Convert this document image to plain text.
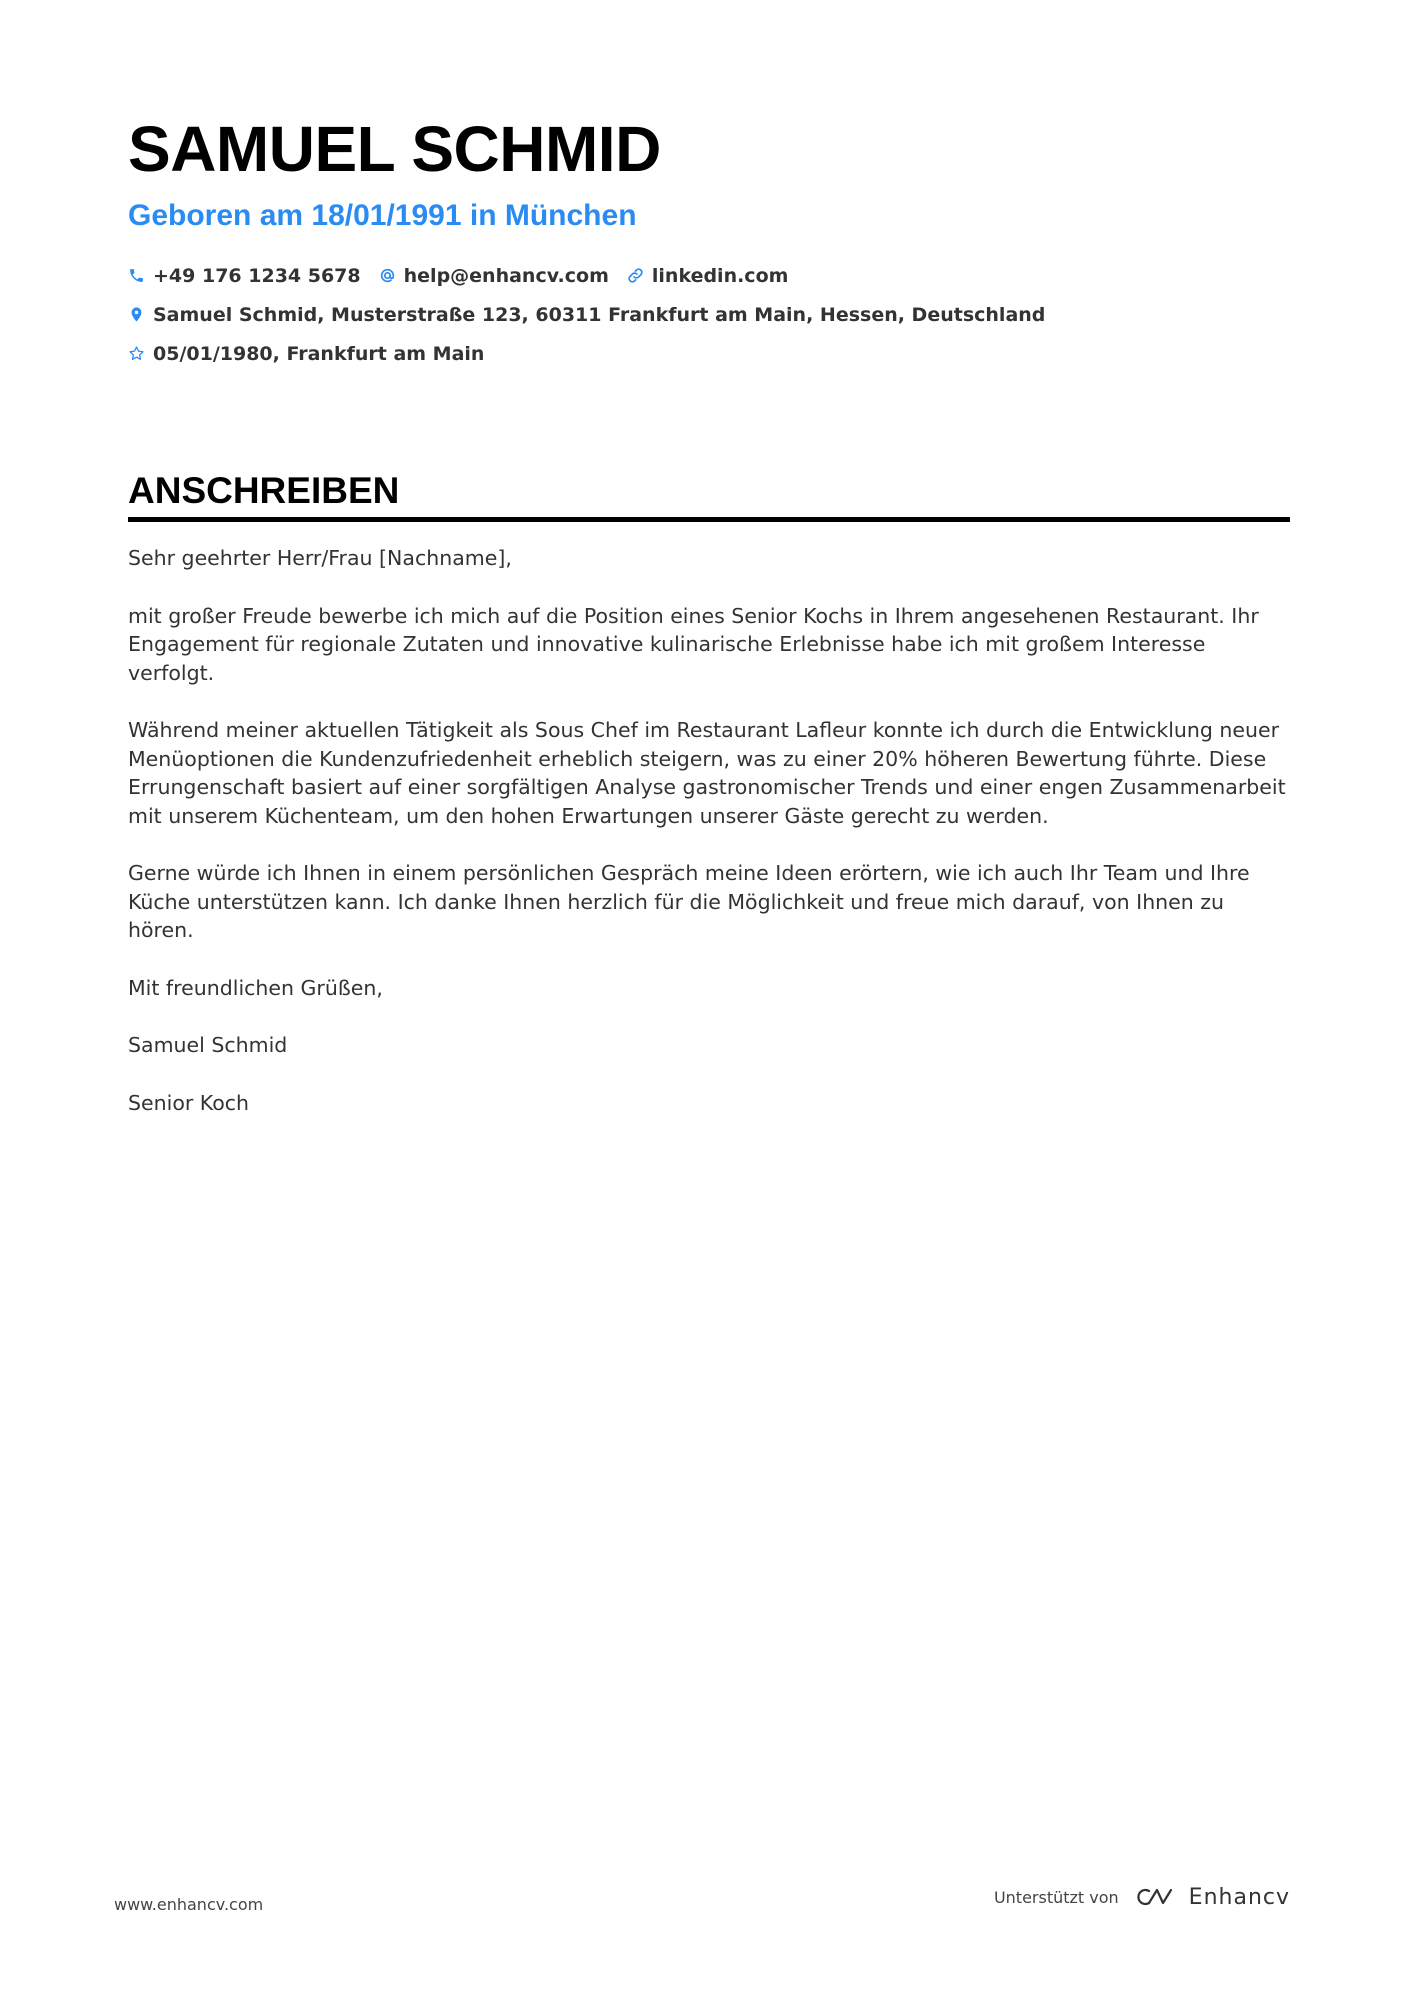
SAMUEL SCHMID
Geboren am 18/01/1991 in München
+49 176 1234 5678 help@enhancv.com linkedin.com
Samuel Schmid, Musterstraße 123, 60311 Frankfurt am Main, Hessen, Deutschland
05/01/1980, Frankfurt am Main
ANSCHREIBEN

Sehr geehrter Herr/Frau [Nachname],

mit großer Freude bewerbe ich mich auf die Position eines Senior Kochs in Ihrem angesehenen Restaurant. Ihr Engagement für regionale Zutaten und innovative kulinarische Erlebnisse habe ich mit großem Interesse verfolgt.

Während meiner aktuellen Tätigkeit als Sous Chef im Restaurant Lafleur konnte ich durch die Entwicklung neuer Menüoptionen die Kundenzufriedenheit erheblich steigern, was zu einer 20% höheren Bewertung führte. Diese Errungenschaft basiert auf einer sorgfältigen Analyse gastronomischer Trends und einer engen Zusammenarbeit mit unserem Küchenteam, um den hohen Erwartungen unserer Gäste gerecht zu werden.

Gerne würde ich Ihnen in einem persönlichen Gespräch meine Ideen erörtern, wie ich auch Ihr Team und Ihre Küche unterstützen kann. Ich danke Ihnen herzlich für die Möglichkeit und freue mich darauf, von Ihnen zu hören.

Mit freundlichen Grüßen,

Samuel Schmid

Senior Koch

www.enhancv.com	Unterstützt von	Enhancv
